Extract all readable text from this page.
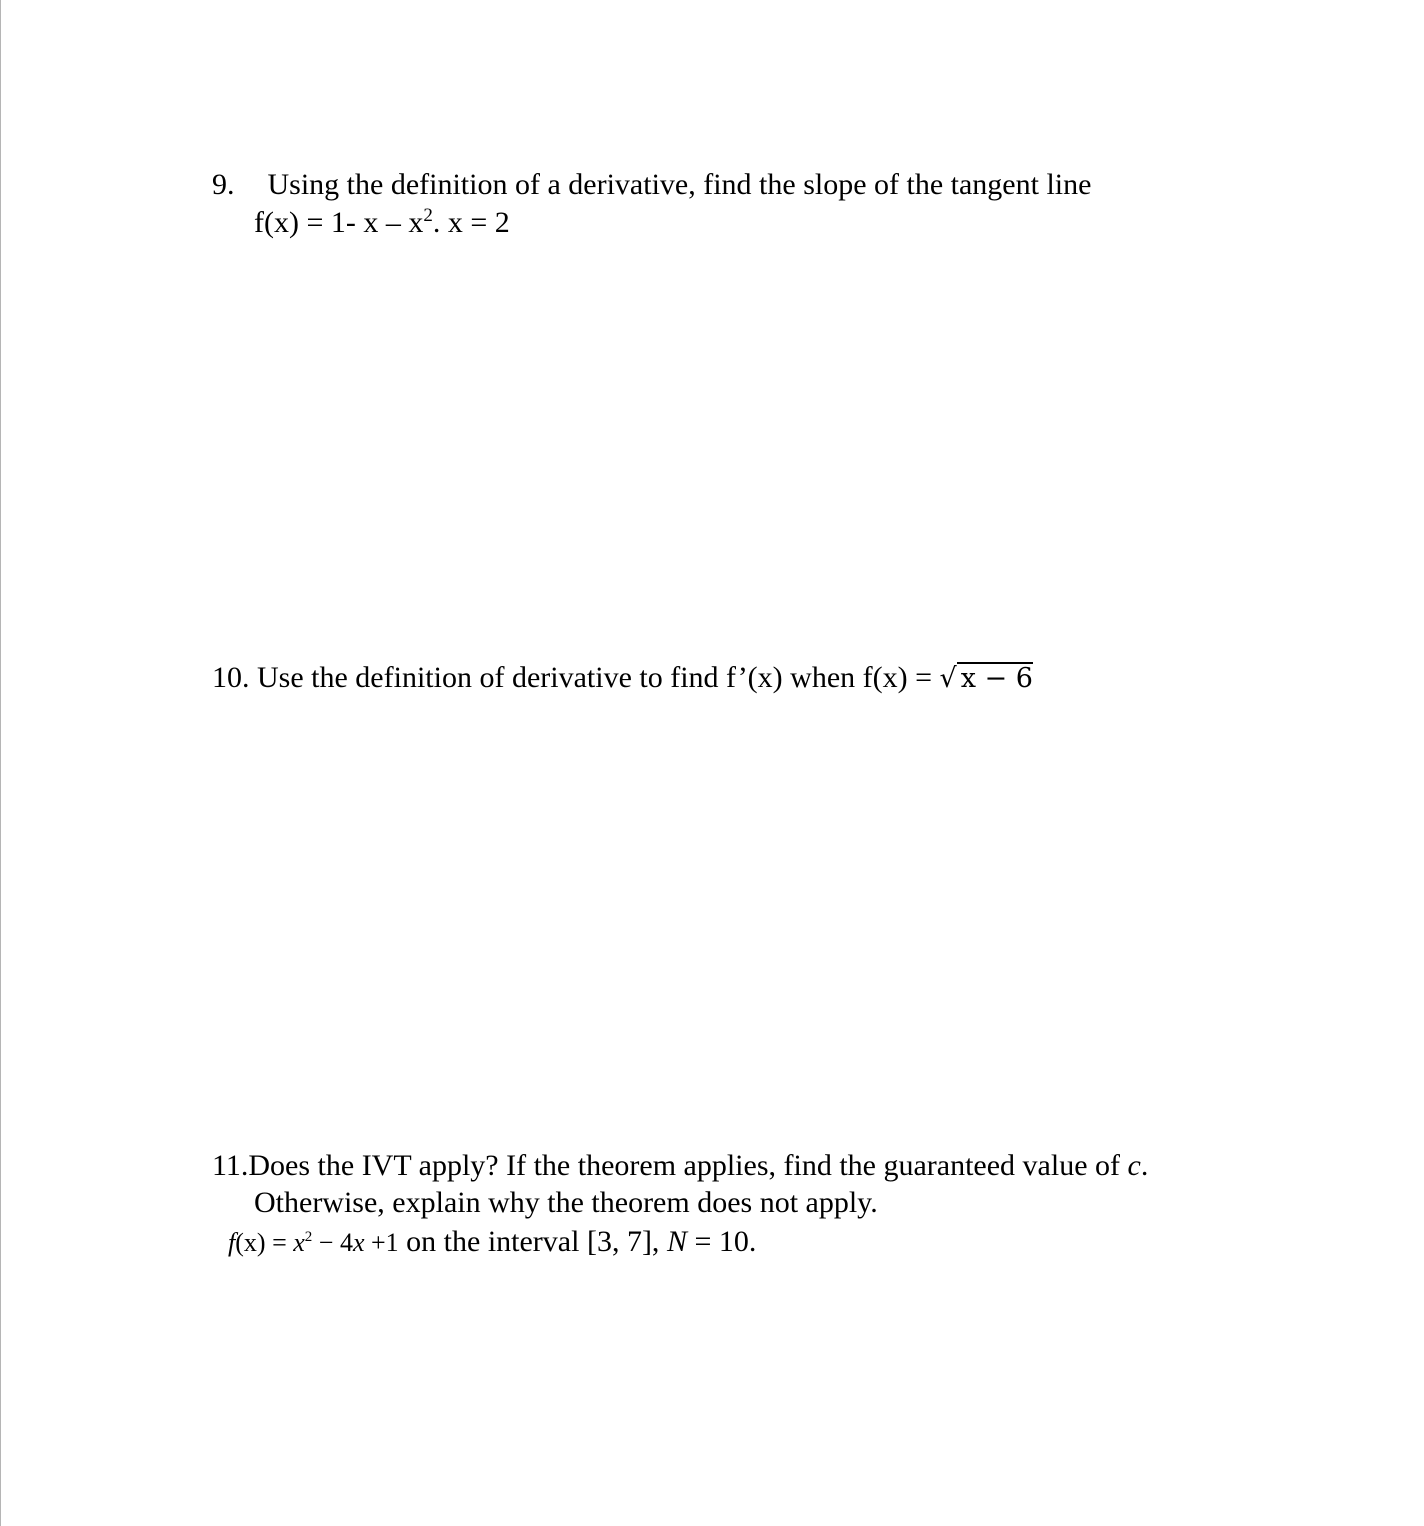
9. Using the definition of a derivative, find the slope of the tangent line
f(x) = 1- x – $x^2$. x = 2
10. Use the definition of derivative to find f’(x) when f(x) = √ x − 6
11.Does the IVT apply? If the theorem applies, find the guaranteed value of c.
Otherwise, explain why the theorem does not apply.
$f(x) = x^2 - 4x +1$ on the interval [3, 7], N = 10.
